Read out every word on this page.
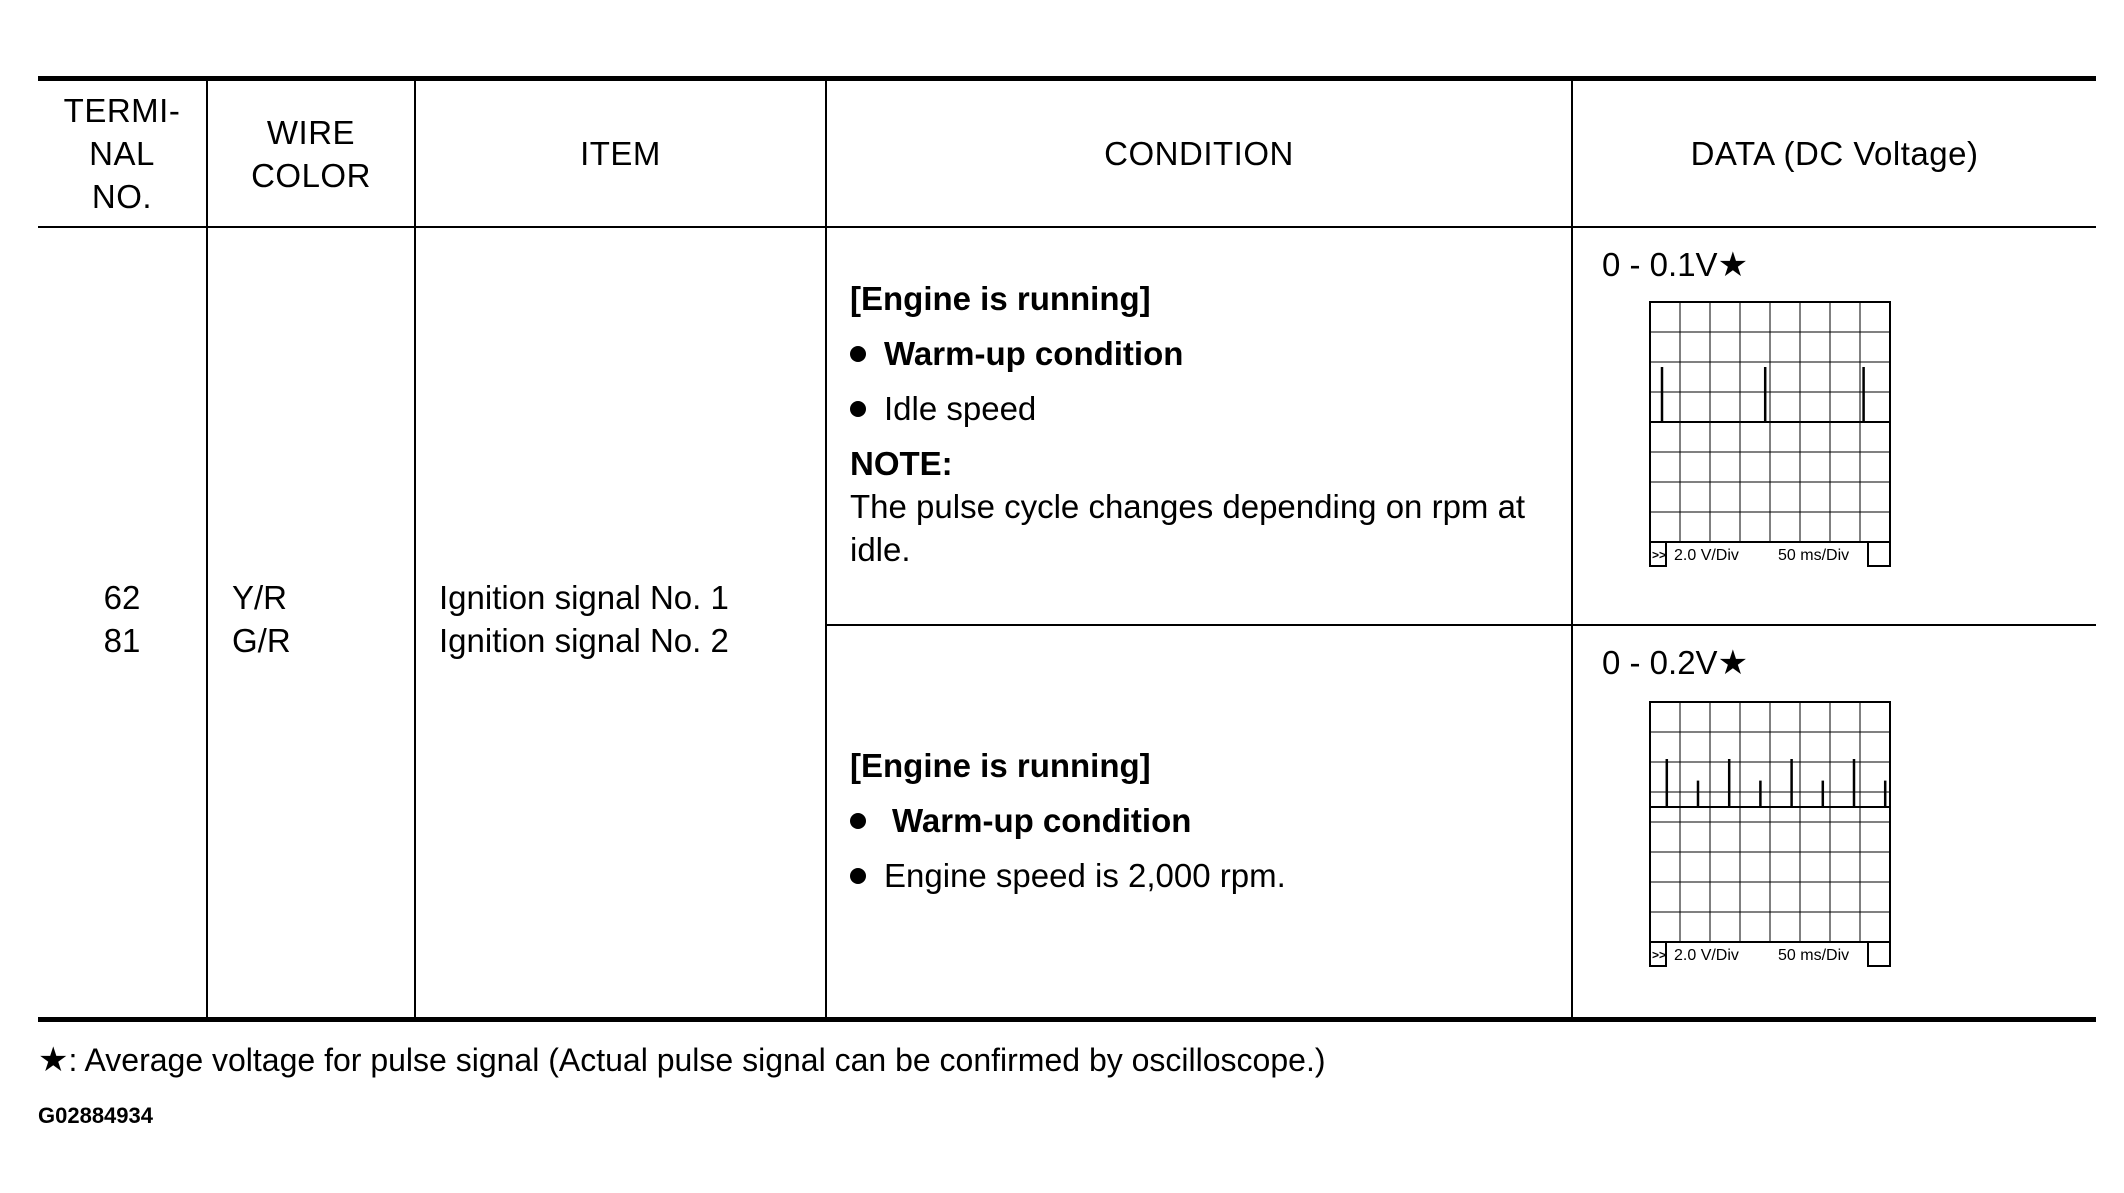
TERMI-
NAL
NO.
WIRE
COLOR
ITEM	CONDITION	DATA (DC Voltage)
62
81
Y/R
G/R
Ignition signal No. 1
Ignition signal No. 2
[Engine is running]
Warm-up condition
Idle speed
NOTE:
The pulse cycle changes depending on rpm at
idle.
[Engine is running]
Warm-up condition
Engine speed is 2,000 rpm.
0 - 0.1V★
>> 2.0 V/Div 50 ms/Div
0 - 0.2V★
>> 2.0 V/Div 50 ms/Div
★: Average voltage for pulse signal (Actual pulse signal can be confirmed by oscilloscope.)
G02884934
